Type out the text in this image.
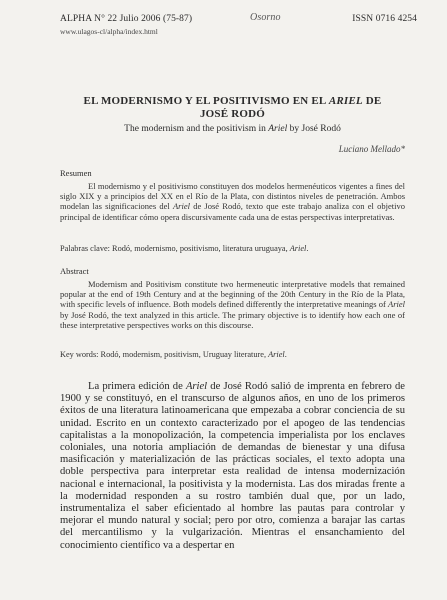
ALPHA N° 22 Julio 2006 (75-87)	Osorno	ISSN 0716 4254
www.ulagos-cl/alpha/index.html
EL MODERNISMO Y EL POSITIVISMO EN EL ARIEL DE
JOSÉ RODÓ
The modernism and the positivism in Ariel by José Rodó
Luciano Mellado*
Resumen
El modernismo y el positivismo constituyen dos modelos hermenéuticos vigentes a fines del siglo XIX y a principios del XX en el Río de la Plata, con distintos niveles de penetración. Ambos modelan las significaciones del Ariel de José Rodó, texto que este trabajo analiza con el objetivo principal de identificar cómo opera discursivamente cada una de estas perspectivas interpretativas.
Palabras clave: Rodó, modernismo, positivismo, literatura uruguaya, Ariel.
Abstract
Modernism and Positivism constitute two hermeneutic interpretative models that remained popular at the end of 19th Century and at the beginning of the 20th Century in the Río de la Plata, with specific levels of influence. Both models defined differently the interpretative meanings of Ariel by José Rodó, the text analyzed in this article. The primary objective is to identify how each one of these interpretative perspectives works on this discourse.
Key words: Rodó, modernism, positivism, Uruguay literature, Ariel.
La primera edición de Ariel de José Rodó salió de imprenta en febrero de 1900 y se constituyó, en el transcurso de algunos años, en uno de los primeros éxitos de una literatura latinoamericana que empezaba a cobrar conciencia de su unidad. Escrito en un contexto caracterizado por el apogeo de las tendencias capitalistas a la monopolización, la competencia imperialista por los enclaves coloniales, una notoria ampliación de demandas de bienestar y una difusa masificación y materialización de las prácticas sociales, el texto adopta una doble perspectiva para interpretar esta realidad de intensa modernización nacional e internacional, la positivista y la modernista. Las dos miradas frente a la modernidad responden a su rostro también dual que, por un lado, instrumentaliza el saber eficientado al hombre las pautas para controlar y mejorar el mundo natural y social; pero por otro, comienza a barajar las cartas del mercantilismo y la vulgarización. Mientras el ensanchamiento del conocimiento científico va a despertar en
